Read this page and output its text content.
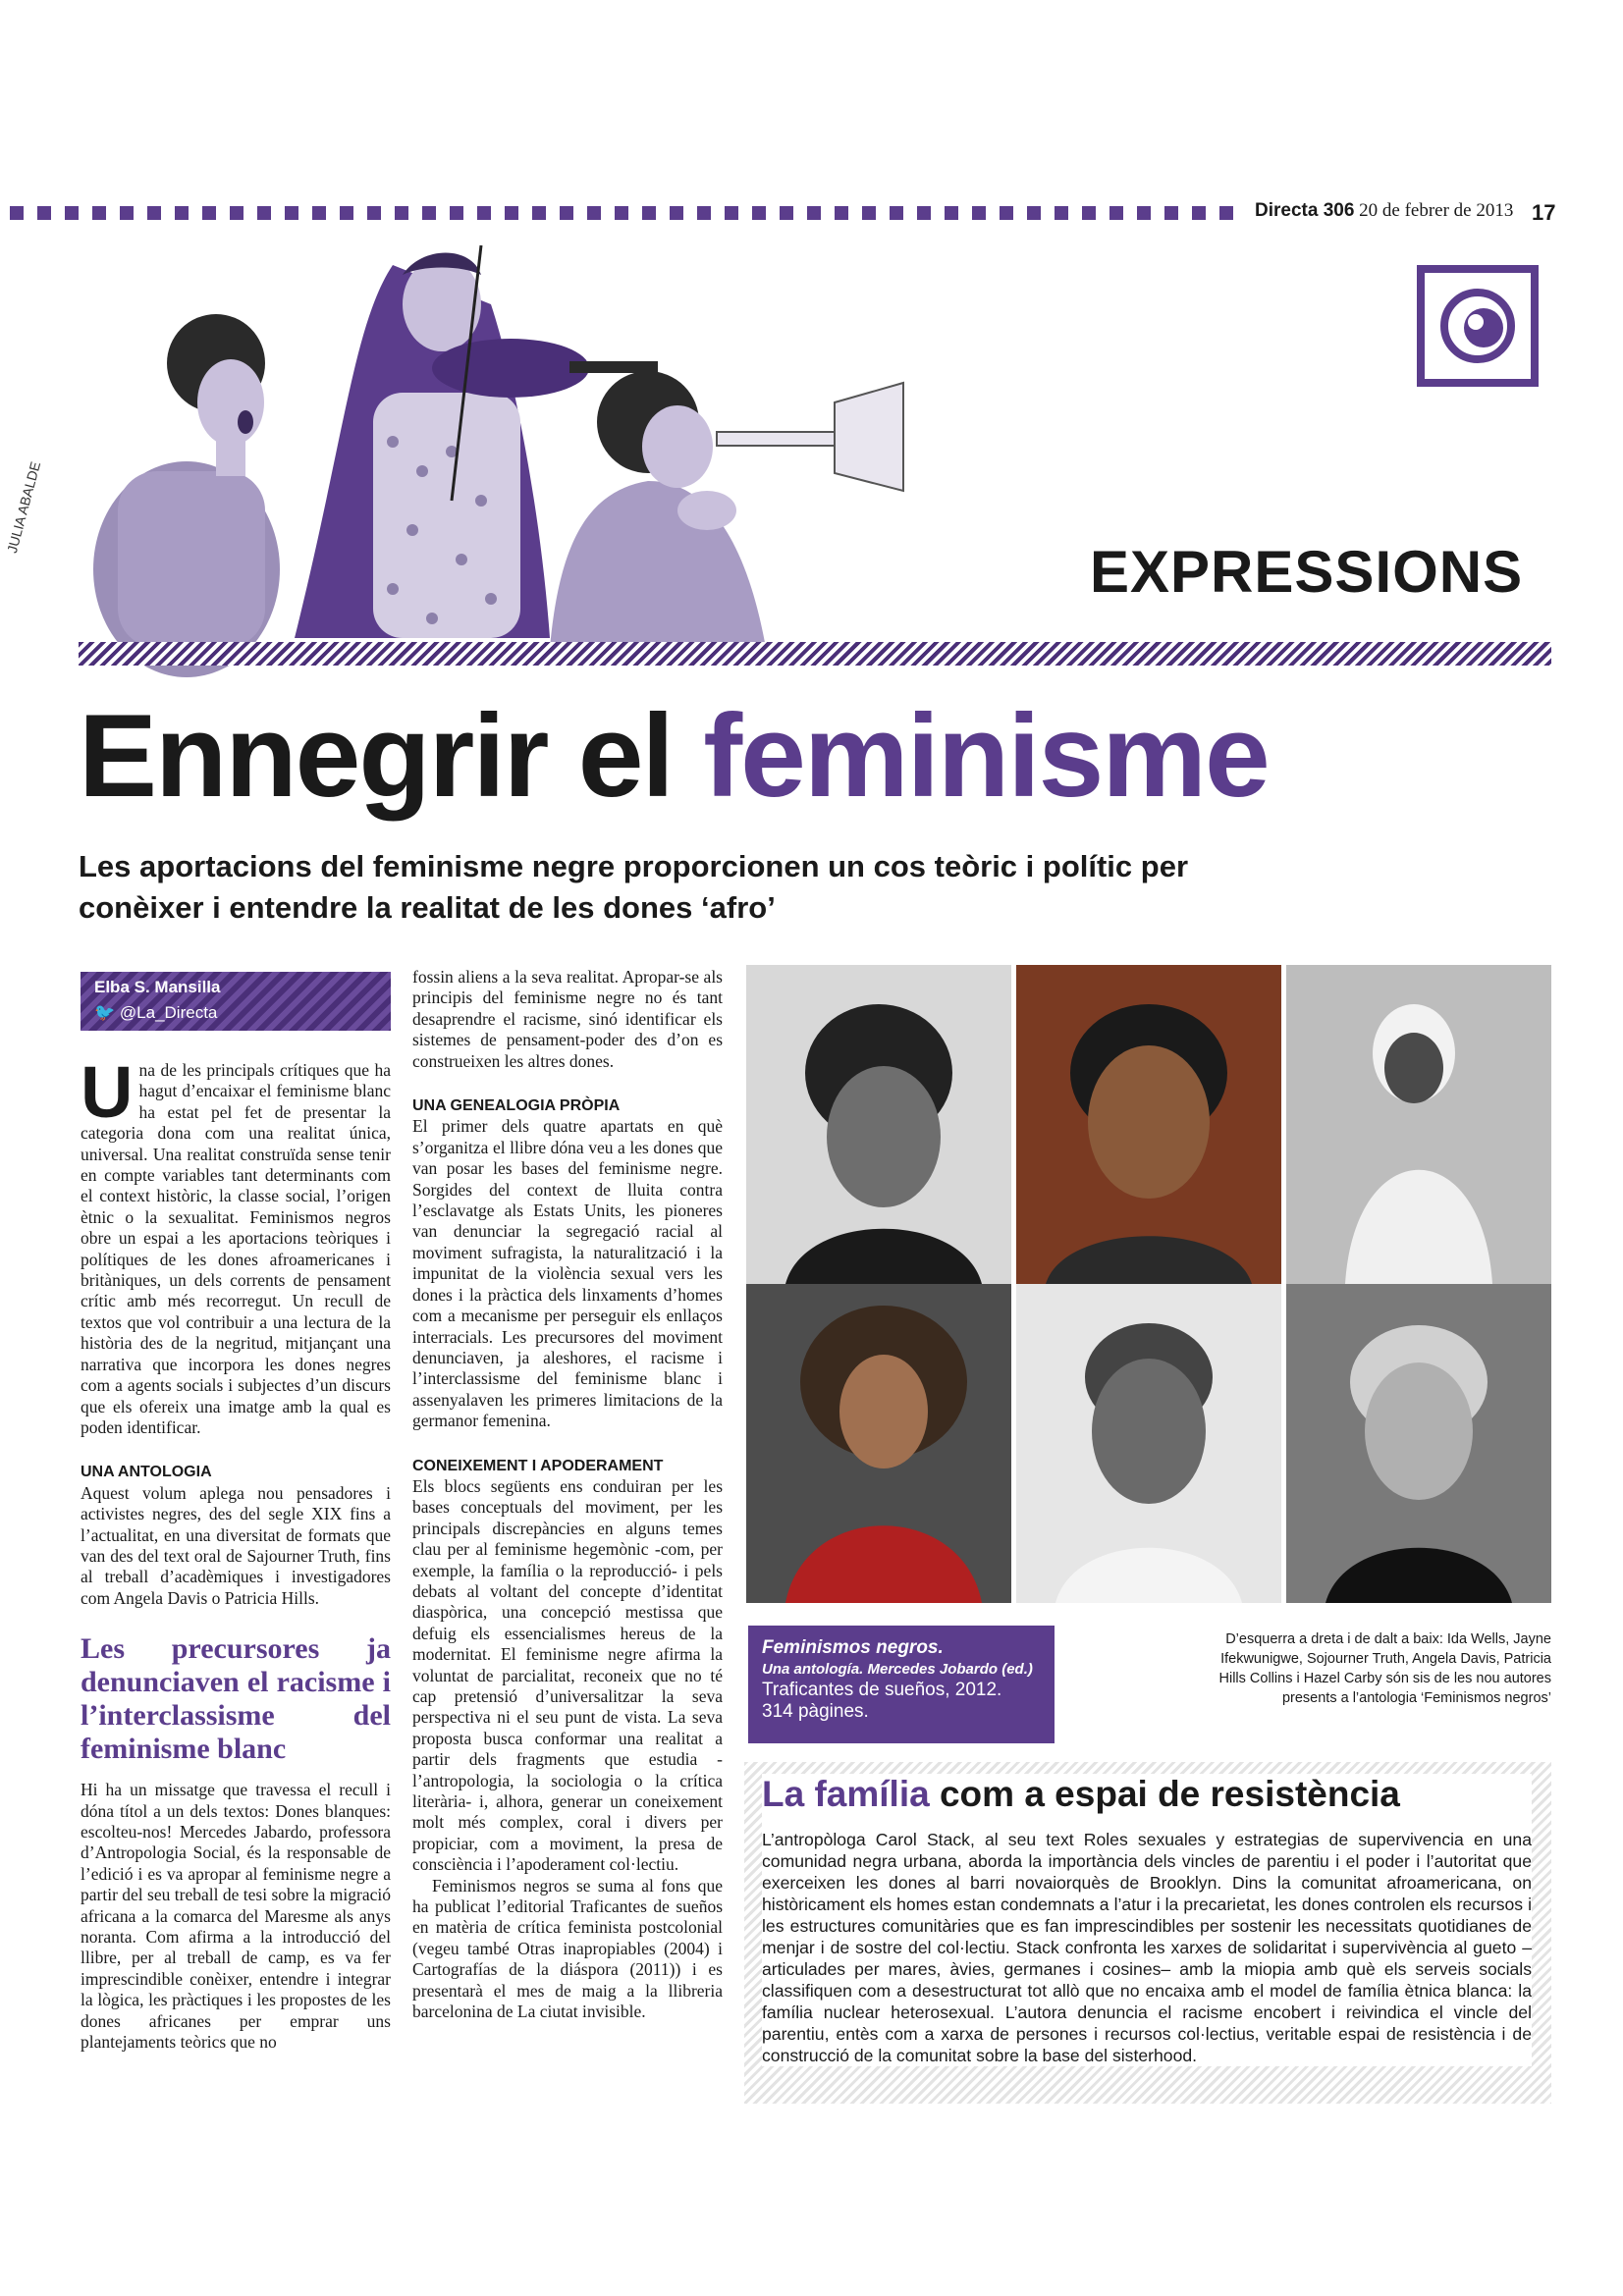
Directa 306 20 de febrer de 2013 17
JULIA ABALDE
EXPRESSIONS
Ennegrir el feminisme
Les aportacions del feminisme negre proporcionen un cos teòric i polític per conèixer i entendre la realitat de les dones ‘afro’
Elba S. Mansilla
🐦 @La_Directa

Una de les principals crítiques que ha hagut d’encaixar el feminisme blanc ha estat pel fet de presentar la categoria dona com una realitat única, universal. Una realitat construïda sense tenir en compte variables tant determinants com el context històric, la classe social, l’origen ètnic o la sexualitat. Feminismos negros obre un espai a les aportacions teòriques i polítiques de les dones afroamericanes i britàniques, un dels corrents de pensament crític amb més recorregut. Un recull de textos que vol contribuir a una lectura de la història des de la negritud, mitjançant una narrativa que incorpora les dones negres com a agents socials i subjectes d’un discurs que els ofereix una imatge amb la qual es poden identificar.

UNA ANTOLOGIA

Aquest volum aplega nou pensadores i activistes negres, des del segle XIX fins a l’actualitat, en una diversitat de formats que van des del text oral de Sajourner Truth, fins al treball d’acadèmiques i investigadores com Angela Davis o Patricia Hills.

Les precursores ja denunciaven el racisme i l’interclassisme del feminisme blanc

Hi ha un missatge que travessa el recull i dóna títol a un dels textos: Dones blanques: escolteu-nos! Mercedes Jabardo, professora d’Antropologia Social, és la responsable de l’edició i es va apropar al feminisme negre a partir del seu treball de tesi sobre la migració africana a la comarca del Maresme als anys noranta. Com afirma a la introducció del llibre, per al treball de camp, es va fer imprescindible conèixer, entendre i integrar la lògica, les pràctiques i les propostes de les dones africanes per emprar uns plantejaments teòrics que no

fossin aliens a la seva realitat. Apropar-se als principis del feminisme negre no és tant desaprendre el racisme, sinó identificar els sistemes de pensament-poder des d’on es construeixen les altres dones.

UNA GENEALOGIA PRÒPIA

El primer dels quatre apartats en què s’organitza el llibre dóna veu a les dones que van posar les bases del feminisme negre. Sorgides del context de lluita contra l’esclavatge als Estats Units, les pioneres van denunciar la segregació racial al moviment sufragista, la naturalització i la impunitat de la violència sexual vers les dones i la pràctica dels linxaments d’homes com a mecanisme per perseguir els enllaços interracials. Les precursores del moviment denunciaven, ja aleshores, el racisme i l’interclassisme del feminisme blanc i assenyalaven les primeres limitacions de la germanor femenina.

CONEIXEMENT I APODERAMENT

Els blocs següents ens conduiran per les bases conceptuals del moviment, per les principals discrepàncies en alguns temes clau per al feminisme hegemònic -com, per exemple, la família o la reproducció- i pels debats al voltant del concepte d’identitat diaspòrica, una concepció mestissa que defuig els essencialismes hereus de la modernitat. El feminisme negre afirma la voluntat de parcialitat, reconeix que no té cap pretensió d’universalitzar la seva perspectiva ni el seu punt de vista. La seva proposta busca conformar una realitat a partir dels fragments que estudia - l’antropologia, la sociologia o la crítica literària- i, alhora, generar un coneixement molt més complex, coral i divers per propiciar, com a moviment, la presa de consciència i l’apoderament col·lectiu.

Feminismos negros se suma al fons que ha publicat l’editorial Traficantes de sueños en matèria de crítica feminista postcolonial (vegeu també Otras inapropiables (2004) i Cartografías de la diáspora (2011)) i es presentarà el mes de maig a la llibreria barcelonina de La ciutat invisible.

Feminismos negros.
Una antología. Mercedes Jobardo (ed.)
Traficantes de sueños, 2012.
314 pàgines.
D’esquerra a dreta i de dalt a baix: Ida Wells, Jayne Ifekwunigwe, Sojourner Truth, Angela Davis, Patricia Hills Collins i Hazel Carby són sis de les nou autores presents a l’antologia ‘Feminismos negros’
La família com a espai de resistència
L’antropòloga Carol Stack, al seu text Roles sexuales y estrategias de supervivencia en una comunidad negra urbana, aborda la importància dels vincles de parentiu i el poder i l’autoritat que exerceixen les dones al barri novaiorquès de Brooklyn. Dins la comunitat afroamericana, on històricament els homes estan condemnats a l’atur i la precarietat, les dones controlen els recursos i les estructures comunitàries que es fan imprescindibles per sostenir les necessitats quotidianes de menjar i de sostre del col·lectiu. Stack confronta les xarxes de solidaritat i supervivència al gueto –articulades per mares, àvies, germanes i cosines– amb la miopia amb què els serveis socials classifiquen com a desestructurat tot allò que no encaixa amb el model de família ètnica blanca: la família nuclear heterosexual. L’autora denuncia el racisme encobert i reivindica el vincle del parentiu, entès com a xarxa de persones i recursos col·lectius, veritable espai de resistència i de construcció de la comunitat sobre la base del sisterhood.
